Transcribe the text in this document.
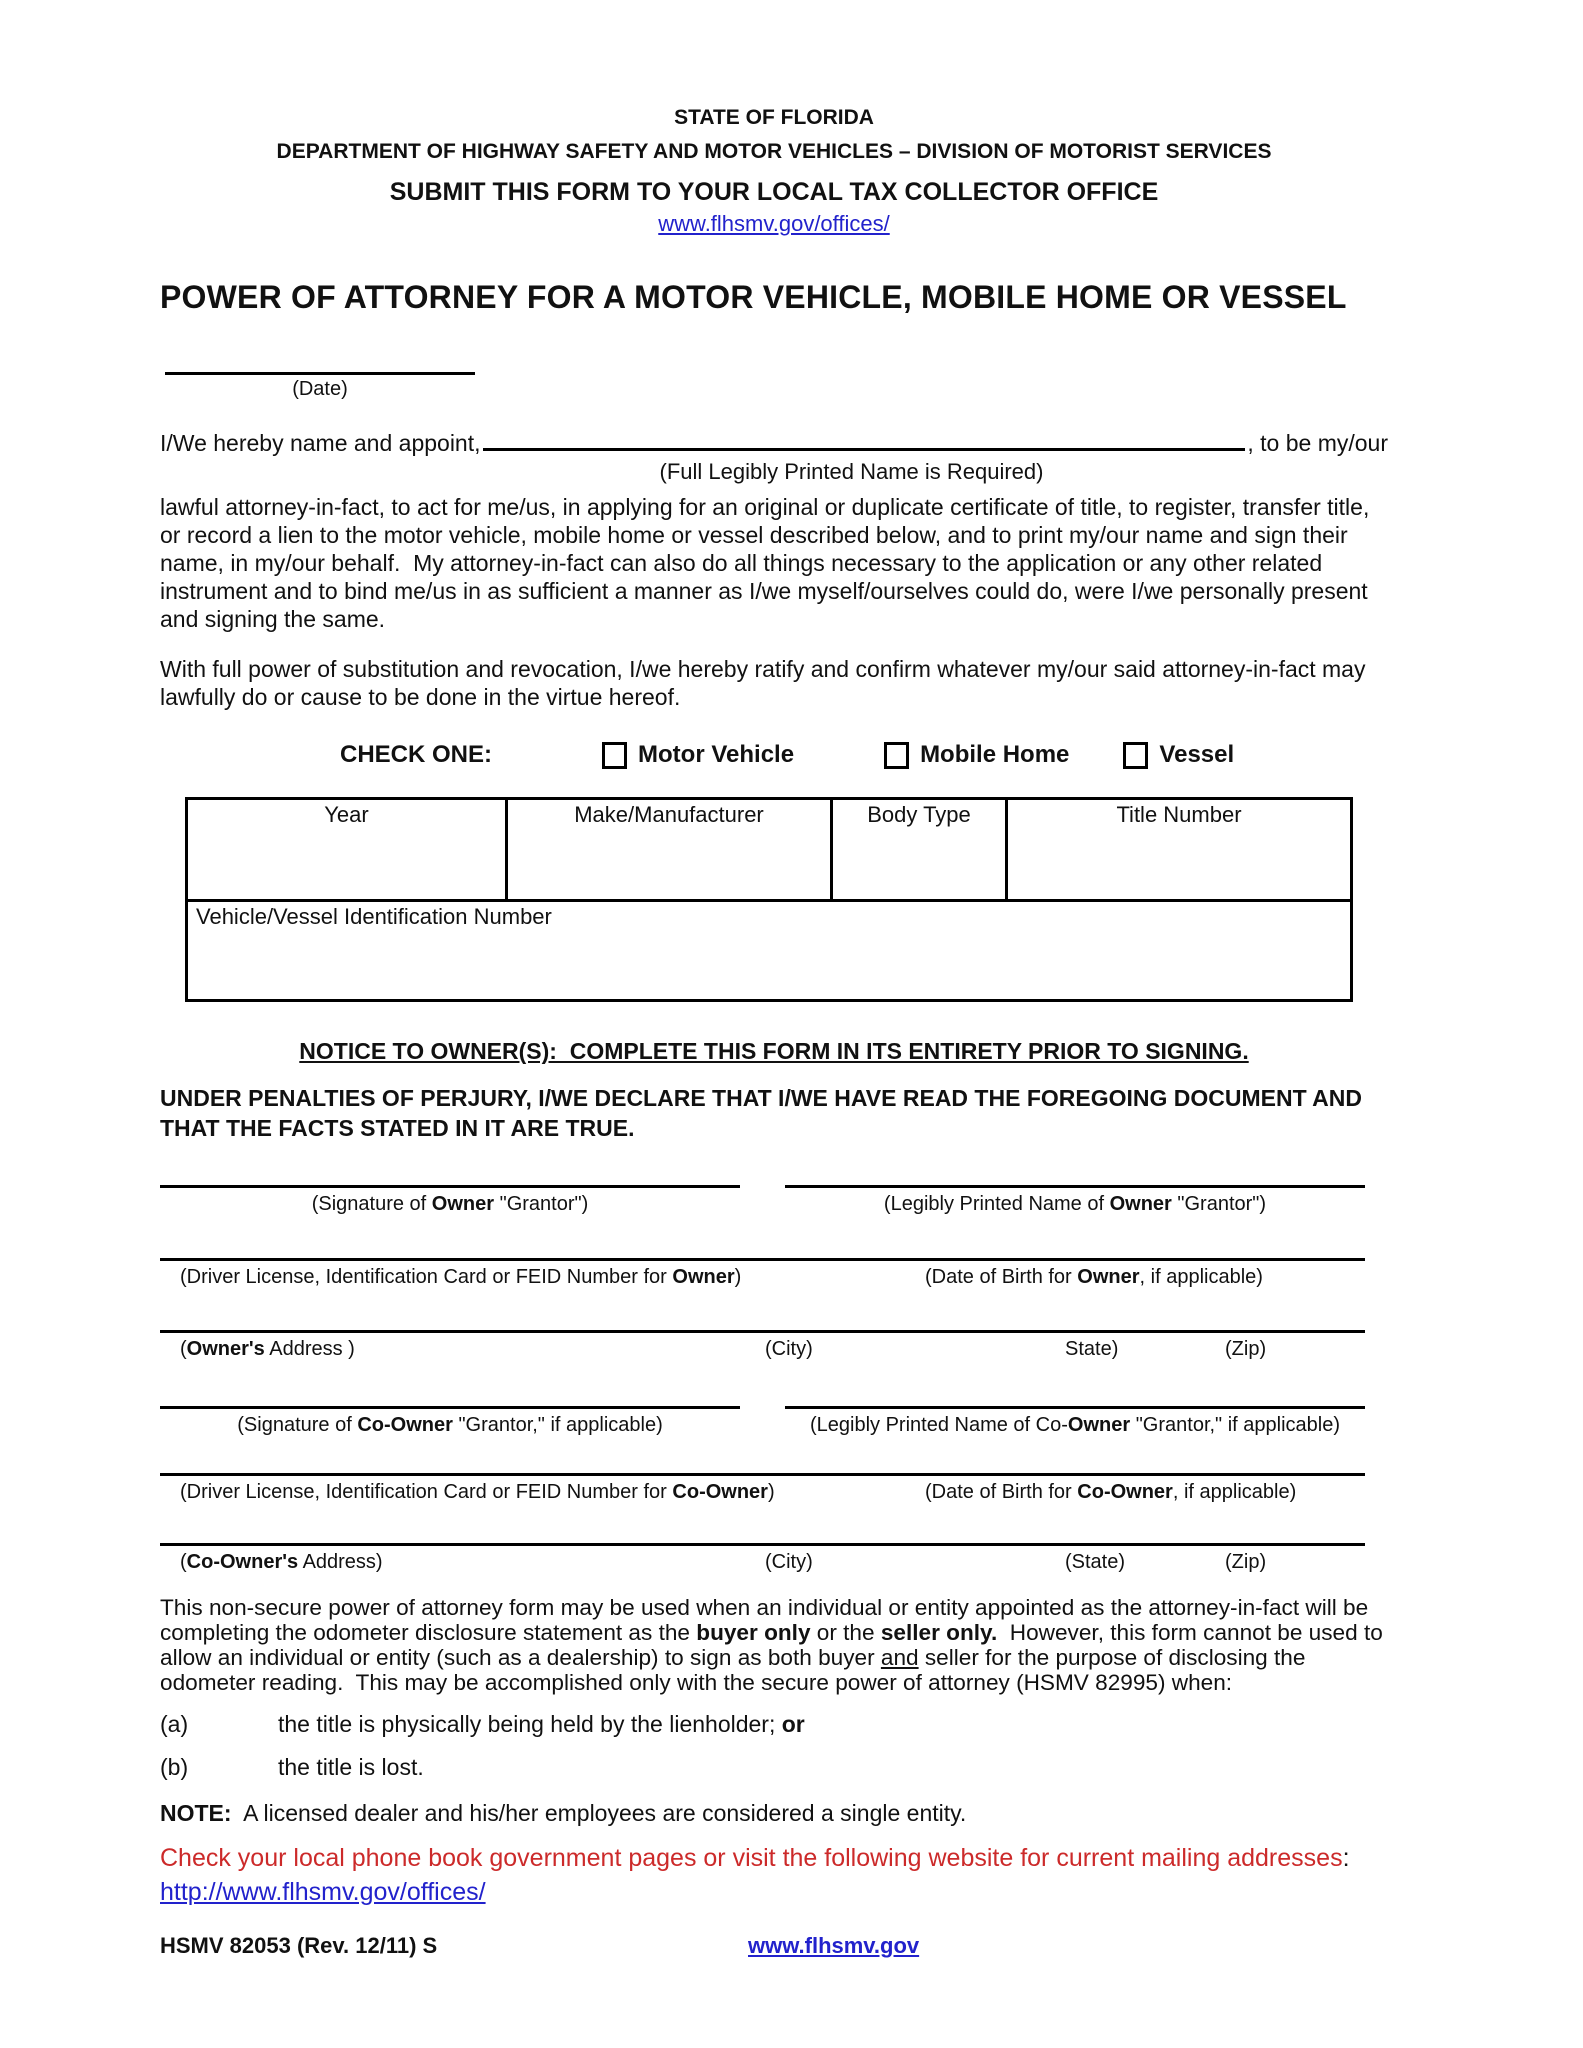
STATE OF FLORIDA
DEPARTMENT OF HIGHWAY SAFETY AND MOTOR VEHICLES – DIVISION OF MOTORIST SERVICES
SUBMIT THIS FORM TO YOUR LOCAL TAX COLLECTOR OFFICE
www.flhsmv.gov/offices/
POWER OF ATTORNEY FOR A MOTOR VEHICLE, MOBILE HOME OR VESSEL
(Date)
I/We hereby name and appoint,	, to be my/our
(Full Legibly Printed Name is Required)

lawful attorney-in-fact, to act for me/us, in applying for an original or duplicate certificate of title, to register, transfer title, or record a lien to the motor vehicle, mobile home or vessel described below, and to print my/our name and sign their name, in my/our behalf.  My attorney-in-fact can also do all things necessary to the application or any other related instrument and to bind me/us in as sufficient a manner as I/we myself/ourselves could do, were I/we personally present and signing the same.

With full power of substitution and revocation, I/we hereby ratify and confirm whatever my/our said attorney-in-fact may lawfully do or cause to be done in the virtue hereof.

CHECK ONE:	Motor Vehicle	Mobile Home	Vessel
Year	Make/Manufacturer	Body Type	Title Number
Vehicle/Vessel Identification Number
NOTICE TO OWNER(S):  COMPLETE THIS FORM IN ITS ENTIRETY PRIOR TO SIGNING.

UNDER PENALTIES OF PERJURY, I/WE DECLARE THAT I/WE HAVE READ THE FOREGOING DOCUMENT AND THAT THE FACTS STATED IN IT ARE TRUE.

(Signature of Owner "Grantor")	(Legibly Printed Name of Owner "Grantor")
(Driver License, Identification Card or FEID Number for Owner)	(Date of Birth for Owner, if applicable)
(Owner's Address )	(City)	State)	(Zip)
(Signature of Co-Owner "Grantor," if applicable)	(Legibly Printed Name of Co-Owner "Grantor," if applicable)
(Driver License, Identification Card or FEID Number for Co-Owner)	(Date of Birth for Co-Owner, if applicable)
(Co-Owner's Address)	(City)	(State)	(Zip)

This non-secure power of attorney form may be used when an individual or entity appointed as the attorney-in-fact will be completing the odometer disclosure statement as the buyer only or the seller only.  However, this form cannot be used to allow an individual or entity (such as a dealership) to sign as both buyer and seller for the purpose of disclosing the odometer reading.  This may be accomplished only with the secure power of attorney (HSMV 82995) when:

(a)	the title is physically being held by the lienholder; or
(b)	the title is lost.

NOTE:  A licensed dealer and his/her employees are considered a single entity.

Check your local phone book government pages or visit the following website for current mailing addresses:

http://www.flhsmv.gov/offices/
HSMV 82053 (Rev. 12/11) S	www.flhsmv.gov
